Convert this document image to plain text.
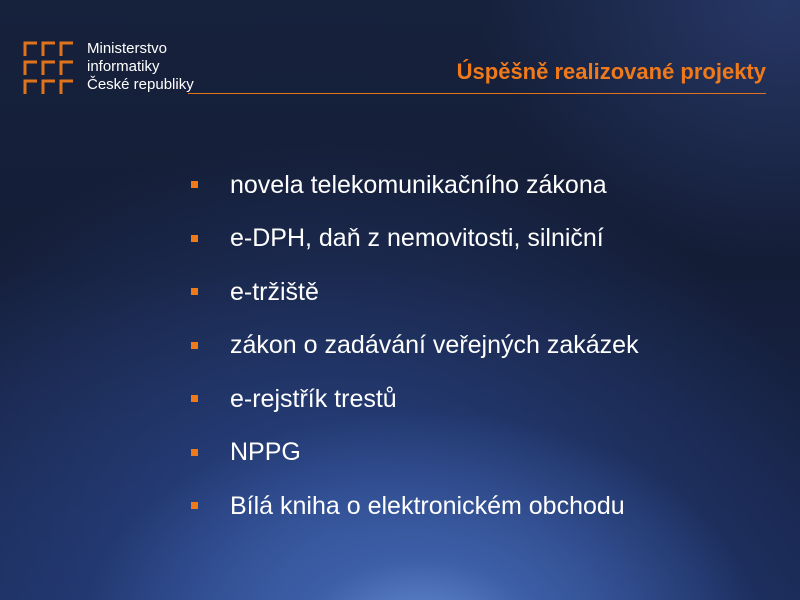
Ministerstvo
informatiky
České republiky
Úspěšně realizované projekty
novela telekomunikačního zákona
e-DPH, daň z nemovitosti, silniční
e-tržiště
zákon o zadávání veřejných zakázek
e-rejstřík trestů
NPPG
Bílá kniha o elektronickém obchodu
